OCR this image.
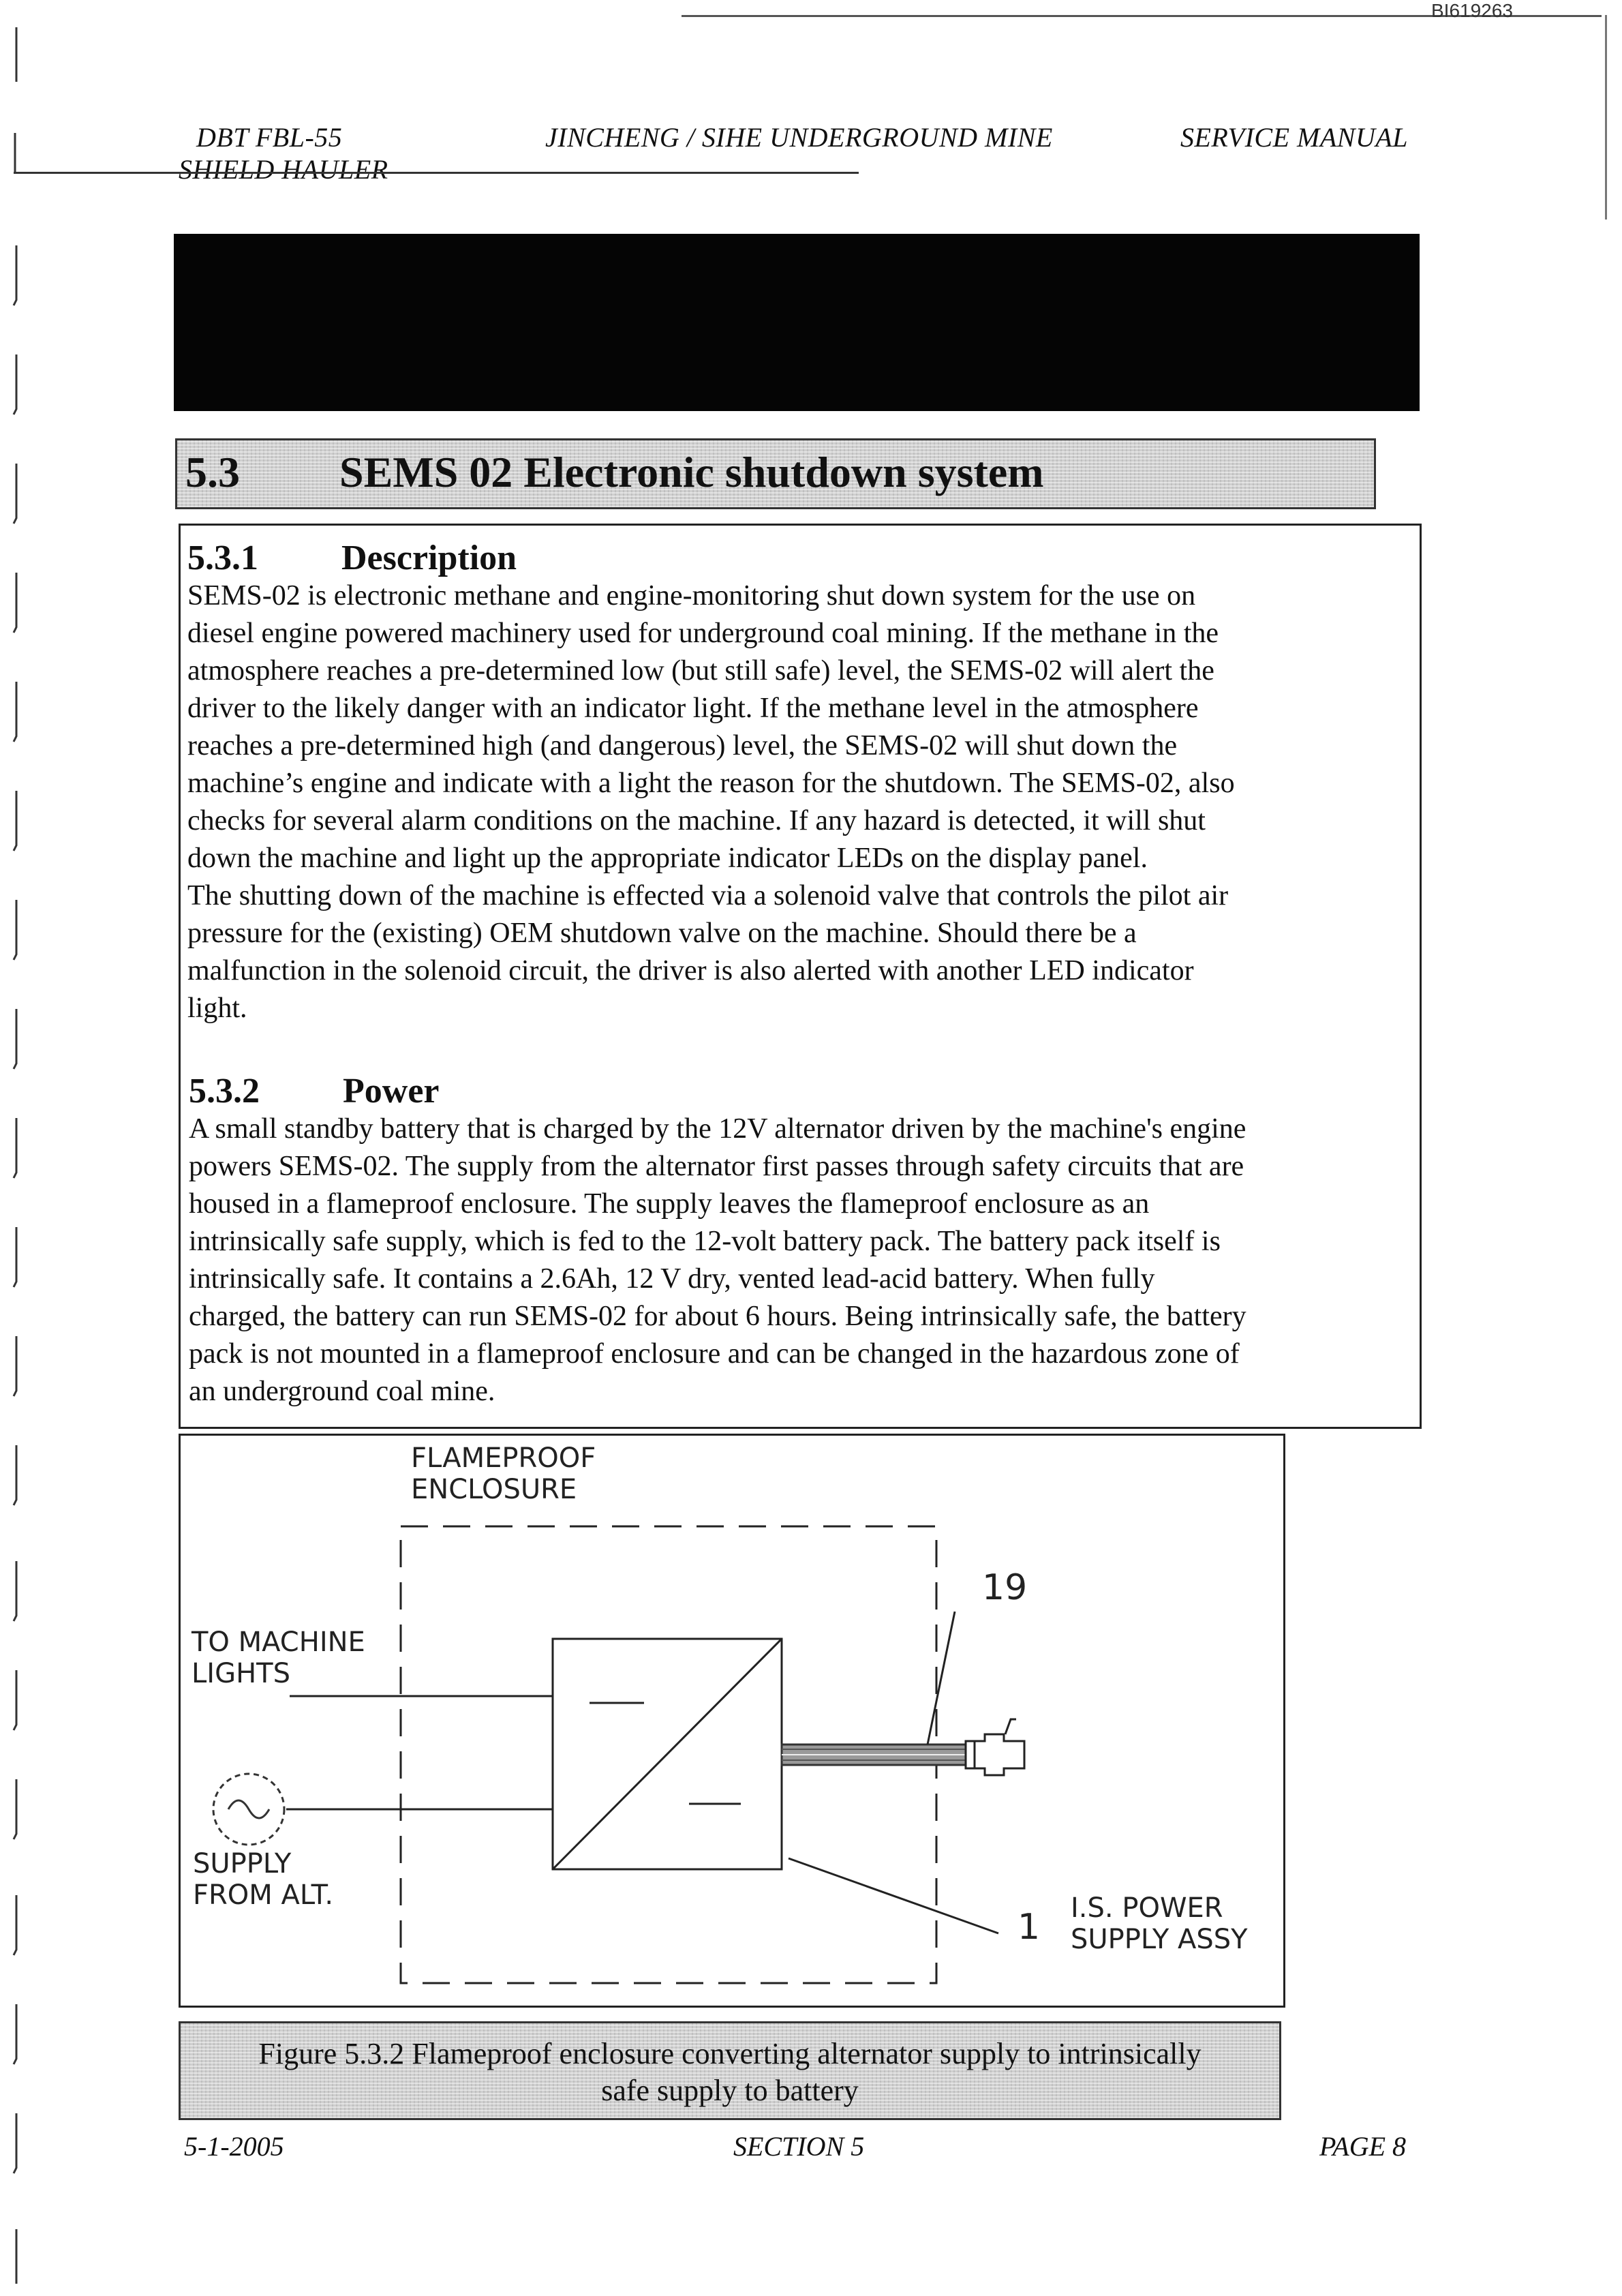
BI619263
DBT FBL-55
SHIELD HAULER
JINCHENG / SIHE UNDERGROUND MINE	SERVICE MANUAL
5.3 SEMS 02 Electronic shutdown system
5.3.1 Description
SEMS-02 is electronic methane and engine-monitoring shut down system for the use on
diesel engine powered machinery used for underground coal mining. If the methane in the
atmosphere reaches a pre-determined low (but still safe) level, the SEMS-02 will alert the
driver to the likely danger with an indicator light. If the methane level in the atmosphere
reaches a pre-determined high (and dangerous) level, the SEMS-02 will shut down the
machine’s engine and indicate with a light the reason for the shutdown. The SEMS-02, also
checks for several alarm conditions on the machine. If any hazard is detected, it will shut
down the machine and light up the appropriate indicator LEDs on the display panel.
The shutting down of the machine is effected via a solenoid valve that controls the pilot air
pressure for the (existing) OEM shutdown valve on the machine. Should there be a
malfunction in the solenoid circuit, the driver is also alerted with another LED indicator
light.
5.3.2 Power
A small standby battery that is charged by the 12V alternator driven by the machine's engine
powers SEMS-02. The supply from the alternator first passes through safety circuits that are
housed in a flameproof enclosure. The supply leaves the flameproof enclosure as an
intrinsically safe supply, which is fed to the 12-volt battery pack. The battery pack itself is
intrinsically safe. It contains a 2.6Ah, 12 V dry, vented lead-acid battery. When fully
charged, the battery can run SEMS-02 for about 6 hours. Being intrinsically safe, the battery
pack is not mounted in a flameproof enclosure and can be changed in the hazardous zone of
an underground coal mine.
FLAMEPROOF
ENCLOSURE
TO MACHINE
LIGHTS
SUPPLY
FROM ALT.
19
1 I.S. POWER
SUPPLY ASSY
Figure 5.3.2 Flameproof enclosure converting alternator supply to intrinsically
safe supply to battery
5-1-2005	SECTION 5	PAGE 8
